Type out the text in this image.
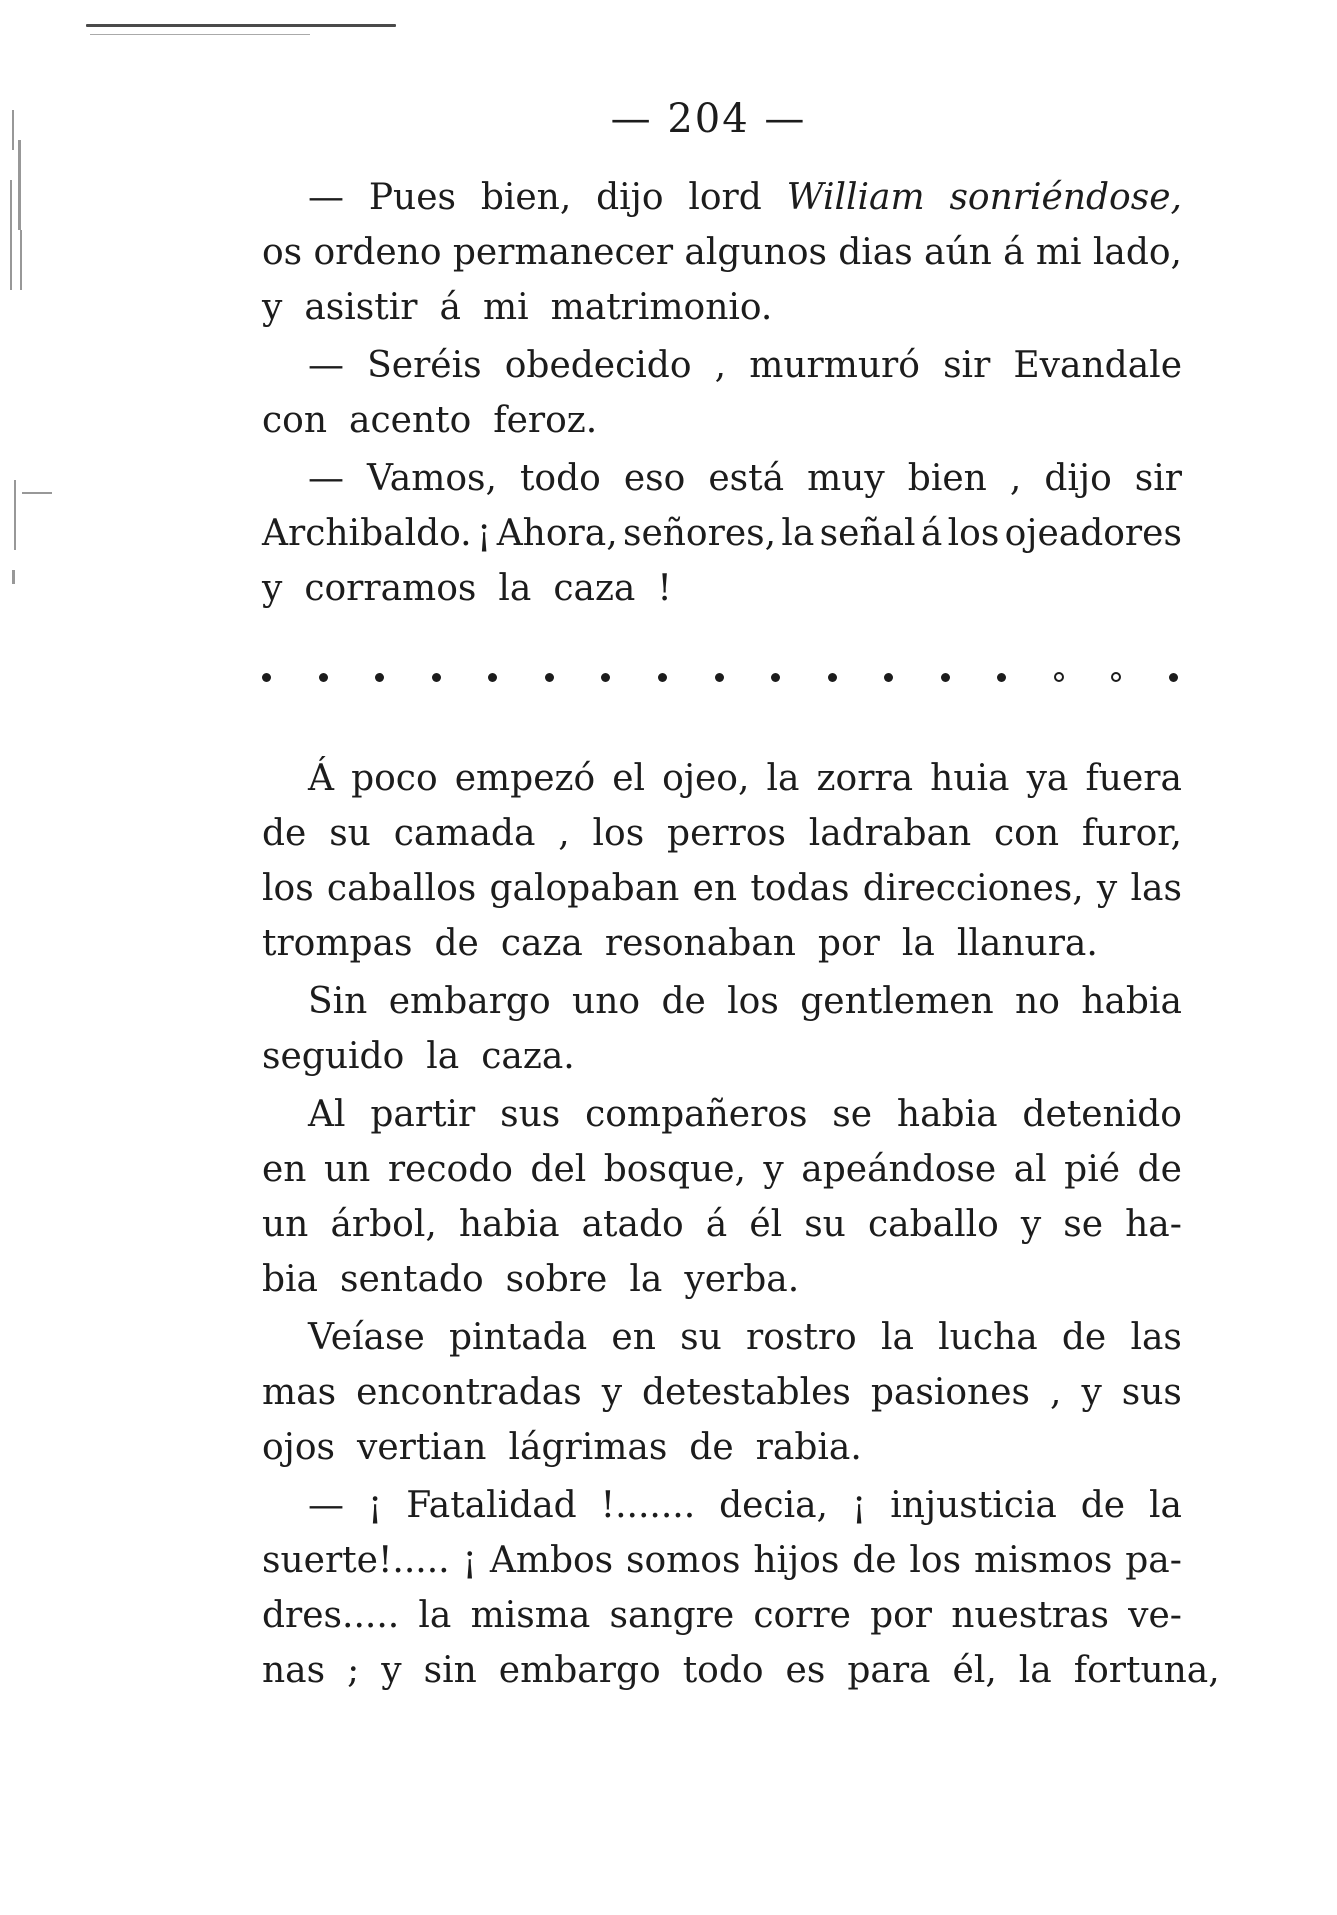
— 204 —
— Pues bien, dijo lord William sonriéndose,
os ordeno permanecer algunos dias aún á mi lado,
y asistir á mi matrimonio.
— Seréis obedecido , murmuró sir Evandale
con acento feroz.
— Vamos, todo eso está muy bien , dijo sir
Archibaldo. ¡ Ahora, señores, la señal á los ojeadores
y corramos la caza !
Á poco empezó el ojeo, la zorra huia ya fuera
de su camada , los perros ladraban con furor,
los caballos galopaban en todas direcciones, y las
trompas de caza resonaban por la llanura.
Sin embargo uno de los gentlemen no habia
seguido la caza.
Al partir sus compañeros se habia detenido
en un recodo del bosque, y apeándose al pié de
un árbol, habia atado á él su caballo y se ha-
bia sentado sobre la yerba.
Veíase pintada en su rostro la lucha de las
mas encontradas y detestables pasiones , y sus
ojos vertian lágrimas de rabia.
— ¡ Fatalidad !....... decia, ¡ injusticia de la
suerte!..... ¡ Ambos somos hijos de los mismos pa-
dres..... la misma sangre corre por nuestras ve-
nas ; y sin embargo todo es para él, la fortuna,
